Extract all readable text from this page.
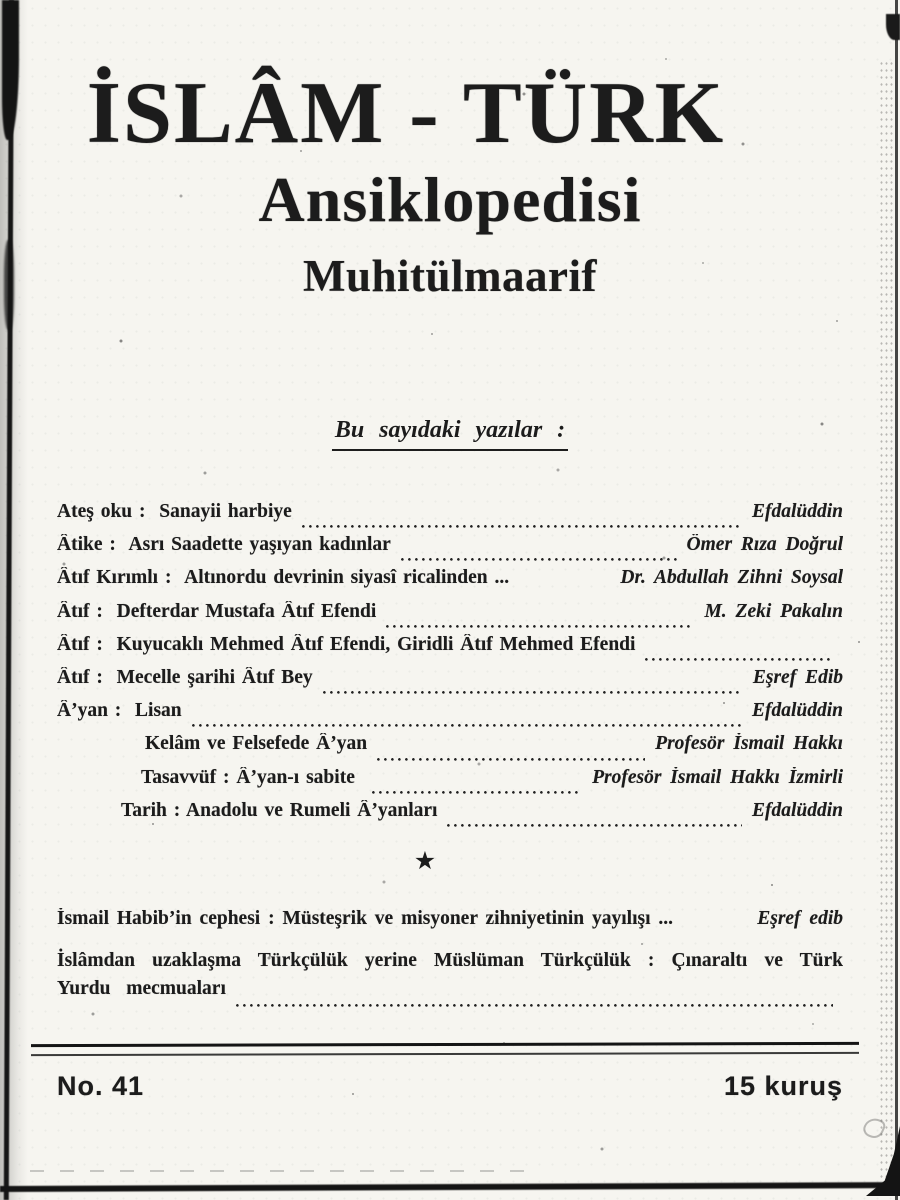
İSLÂM - TÜRK
Ansiklopedisi
Muhitülmaarif
Bu sayıdaki yazılar :
Ateş oku :  Sanayii harbiye	Efdalüddin
Âtike :  Asrı Saadette yaşıyan kadınlar	Ömer Rıza Doğrul
Âtıf Kırımlı :  Altınordu devrinin siyasî ricalinden ...	Dr. Abdullah Zihni Soysal
Âtıf :  Defterdar Mustafa Âtıf Efendi	M. Zeki Pakalın
Âtıf :  Kuyucaklı Mehmed Âtıf Efendi, Giridli Âtıf Mehmed Efendi
Âtıf :  Mecelle şarihi Âtıf Bey	Eşref Edib
Â’yan :  Lisan	Efdalüddin
Kelâm ve Felsefede Â’yan	Profesör İsmail Hakkı
Tasavvüf : Â’yan-ı sabite	Profesör İsmail Hakkı İzmirli
Tarih : Anadolu ve Rumeli Â’yanları	Efdalüddin
★
İsmail Habib’in cephesi : Müsteşrik ve misyoner zihniyetinin yayılışı ...	Eşref edib
İslâmdan uzaklaşma Türkçülük yerine Müslüman Türkçülük : Çınaraltı ve Türk
Yurdu  mecmuaları
No. 41	15 kuruş
